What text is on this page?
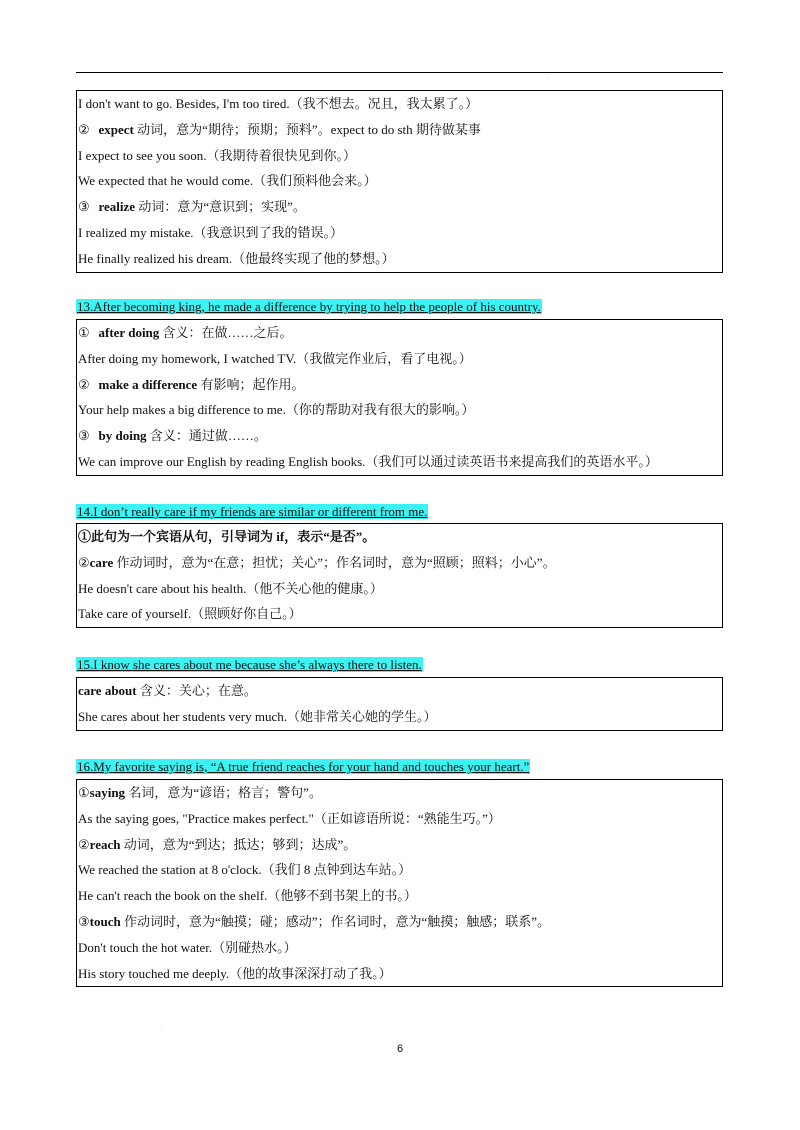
·
I don't want to go. Besides, I'm too tired.（我不想去。况且，我太累了。）
② expect 动词，意为“期待；预期；预料”。expect to do sth 期待做某事
I expect to see you soon.（我期待着很快见到你。）
We expected that he would come.（我们预料他会来。）
③ realize 动词：意为“意识到；实现”。
I realized my mistake.（我意识到了我的错误。）
He finally realized his dream.（他最终实现了他的梦想。）
13.After becoming king, he made a difference by trying to help the people of his country.
① after doing 含义：在做……之后。
After doing my homework, I watched TV.（我做完作业后，看了电视。）
② make a difference 有影响；起作用。
Your help makes a big difference to me.（你的帮助对我有很大的影响。）
③ by doing 含义：通过做……。
We can improve our English by reading English books.（我们可以通过读英语书来提高我们的英语水平。）
14.I don’t really care if my friends are similar or different from me.
①此句为一个宾语从句，引导词为 if，表示“是否”。
②care 作动词时，意为“在意；担忧；关心”；作名词时，意为“照顾；照料；小心”。
He doesn't care about his health.（他不关心他的健康。）
Take care of yourself.（照顾好你自己。）
15.I know she cares about me because she’s always there to listen.
care about 含义：关心；在意。
She cares about her students very much.（她非常关心她的学生。）
16.My favorite saying is, “A true friend reaches for your hand and touches your heart.”
①saying 名词，意为“谚语；格言；警句”。
As the saying goes, "Practice makes perfect."（正如谚语所说：“熟能生巧。”）
②reach 动词，意为“到达；抵达；够到；达成”。
We reached the station at 8 o'clock.（我们 8 点钟到达车站。）
He can't reach the book on the shelf.（他够不到书架上的书。）
③touch 作动词时，意为“触摸；碰；感动”；作名词时，意为“触摸；触感；联系”。
Don't touch the hot water.（别碰热水。）
His story touched me deeply.（他的故事深深打动了我。）
·
6
